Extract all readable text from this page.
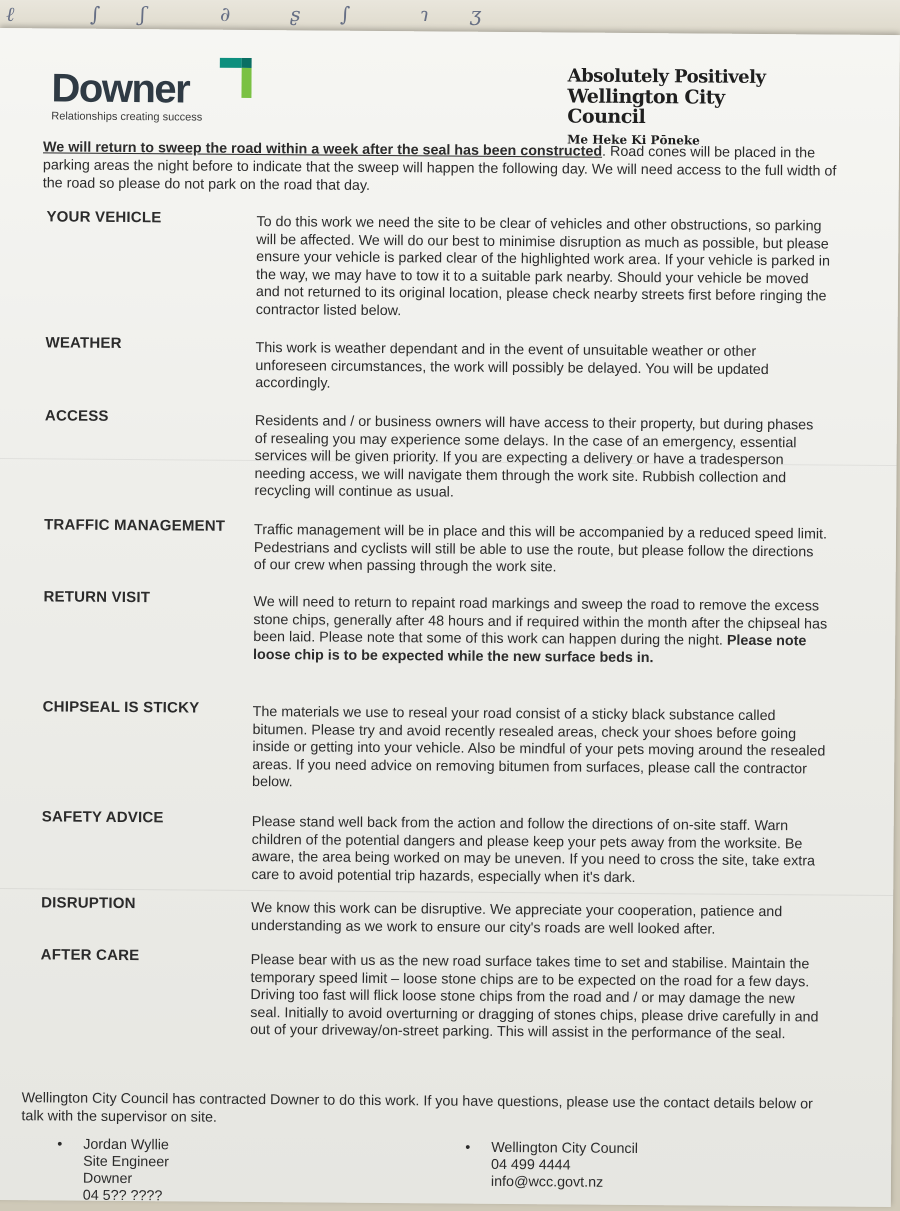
ℓ	∫ ʃ	∂	ʂ ∫	ɿ ʒ
Downer
Relationships creating success
Absolutely Positively
Wellington City Council
Me Heke Ki Pōneke
We will return to sweep the road within a week after the seal has been constructed. Road cones will be placed in the parking areas the night before to indicate that the sweep will happen the following day. We will need access to the full width of the road so please do not park on the road that day.
YOUR VEHICLE	To do this work we need the site to be clear of vehicles and other obstructions, so parking will be affected. We will do our best to minimise disruption as much as possible, but please ensure your vehicle is parked clear of the highlighted work area. If your vehicle is parked in the way, we may have to tow it to a suitable park nearby. Should your vehicle be moved and not returned to its original location, please check nearby streets first before ringing the contractor listed below.
WEATHER	This work is weather dependant and in the event of unsuitable weather or other unforeseen circumstances, the work will possibly be delayed. You will be updated accordingly.
ACCESS	Residents and / or business owners will have access to their property, but during phases of resealing you may experience some delays. In the case of an emergency, essential services will be given priority. If you are expecting a delivery or have a tradesperson needing access, we will navigate them through the work site. Rubbish collection and recycling will continue as usual.
TRAFFIC MANAGEMENT	Traffic management will be in place and this will be accompanied by a reduced speed limit. Pedestrians and cyclists will still be able to use the route, but please follow the directions of our crew when passing through the work site.
RETURN VISIT	We will need to return to repaint road markings and sweep the road to remove the excess stone chips, generally after 48 hours and if required within the month after the chipseal has been laid. Please note that some of this work can happen during the night. Please note loose chip is to be expected while the new surface beds in.
CHIPSEAL IS STICKY	The materials we use to reseal your road consist of a sticky black substance called bitumen. Please try and avoid recently resealed areas, check your shoes before going inside or getting into your vehicle. Also be mindful of your pets moving around the resealed areas. If you need advice on removing bitumen from surfaces, please call the contractor below.
SAFETY ADVICE	Please stand well back from the action and follow the directions of on-site staff. Warn children of the potential dangers and please keep your pets away from the worksite. Be aware, the area being worked on may be uneven. If you need to cross the site, take extra care to avoid potential trip hazards, especially when it's dark.
DISRUPTION	We know this work can be disruptive. We appreciate your cooperation, patience and understanding as we work to ensure our city's roads are well looked after.
AFTER CARE	Please bear with us as the new road surface takes time to set and stabilise. Maintain the temporary speed limit – loose stone chips are to be expected on the road for a few days. Driving too fast will flick loose stone chips from the road and / or may damage the new seal. Initially to avoid overturning or dragging of stones chips, please drive carefully in and out of your driveway/on-street parking. This will assist in the performance of the seal.
Wellington City Council has contracted Downer to do this work. If you have questions, please use the contact details below or talk with the supervisor on site.
• Jordan Wyllie
Site Engineer
Downer
04 5?? ????
• Wellington City Council
04 499 4444
info@wcc.govt.nz
